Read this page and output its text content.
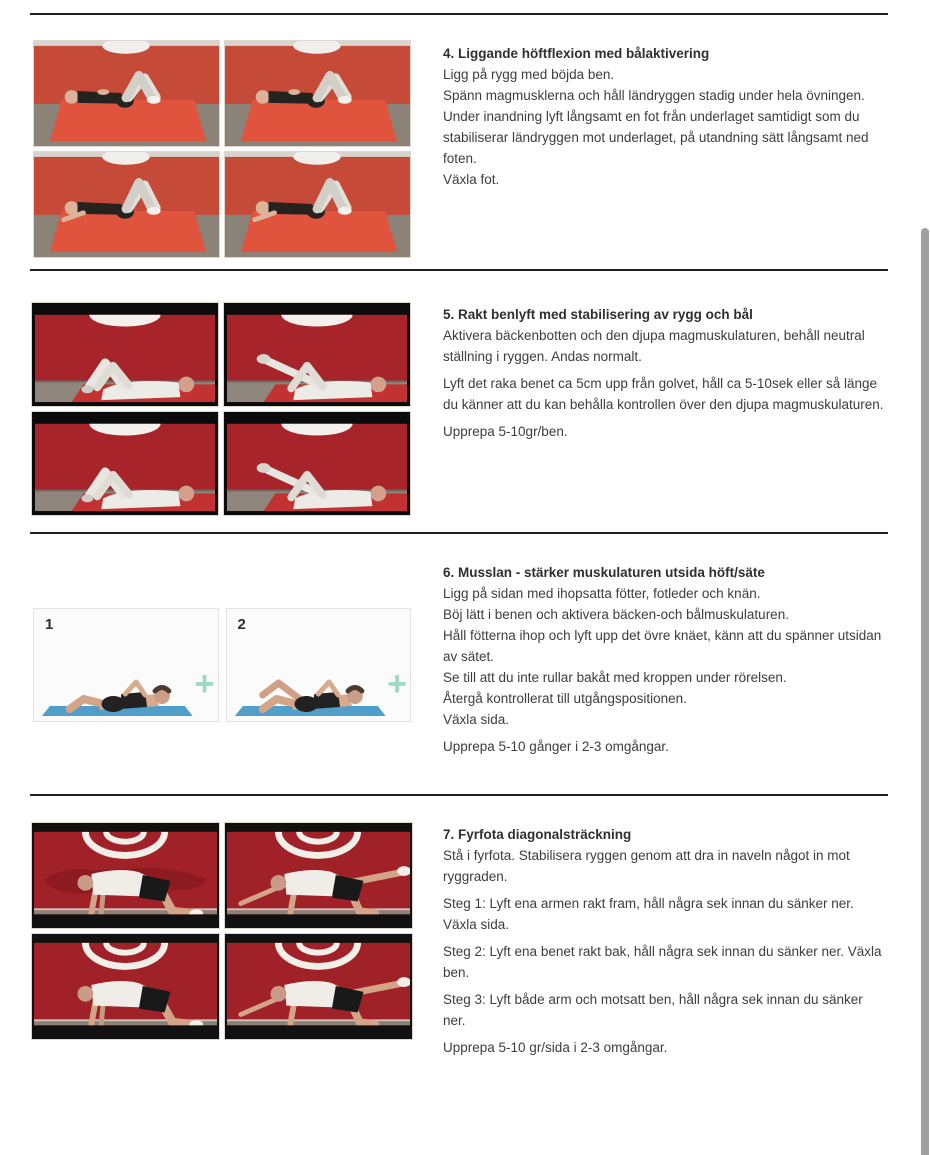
4. Liggande höftflexion med bålaktivering

Ligg på rygg med böjda ben.
Spänn magmusklerna och håll ländryggen stadig under hela övningen.
Under inandning lyft långsamt en fot från underlaget samtidigt som du stabiliserar ländryggen mot underlaget, på utandning sätt långsamt ned foten.
Växla fot.

5. Rakt benlyft med stabilisering av rygg och bål

Aktivera bäckenbotten och den djupa magmuskulaturen, behåll neutral ställning i ryggen. Andas normalt.

Lyft det raka benet ca 5cm upp från golvet, håll ca 5-10sek eller så länge du känner att du kan behålla kontrollen över den djupa magmuskulaturen.

Upprepa 5-10gr/ben.

1
+
2
+
6. Musslan - stärker muskulaturen utsida höft/säte

Ligg på sidan med ihopsatta fötter, fotleder och knän.
Böj lätt i benen och aktivera bäcken-och bålmuskulaturen.
Håll fötterna ihop och lyft upp det övre knäet, känn att du spänner utsidan av sätet.
Se till att du inte rullar bakåt med kroppen under rörelsen.
Återgå kontrollerat till utgångspositionen.
Växla sida.

Upprepa 5-10 gånger i 2-3 omgångar.

7. Fyrfota diagonalsträckning

Stå i fyrfota. Stabilisera ryggen genom att dra in naveln något in mot ryggraden.

Steg 1: Lyft ena armen rakt fram, håll några sek innan du sänker ner. Växla sida.

Steg 2: Lyft ena benet rakt bak, håll några sek innan du sänker ner. Växla ben.

Steg 3: Lyft både arm och motsatt ben, håll några sek innan du sänker ner.

Upprepa 5-10 gr/sida i 2-3 omgångar.
